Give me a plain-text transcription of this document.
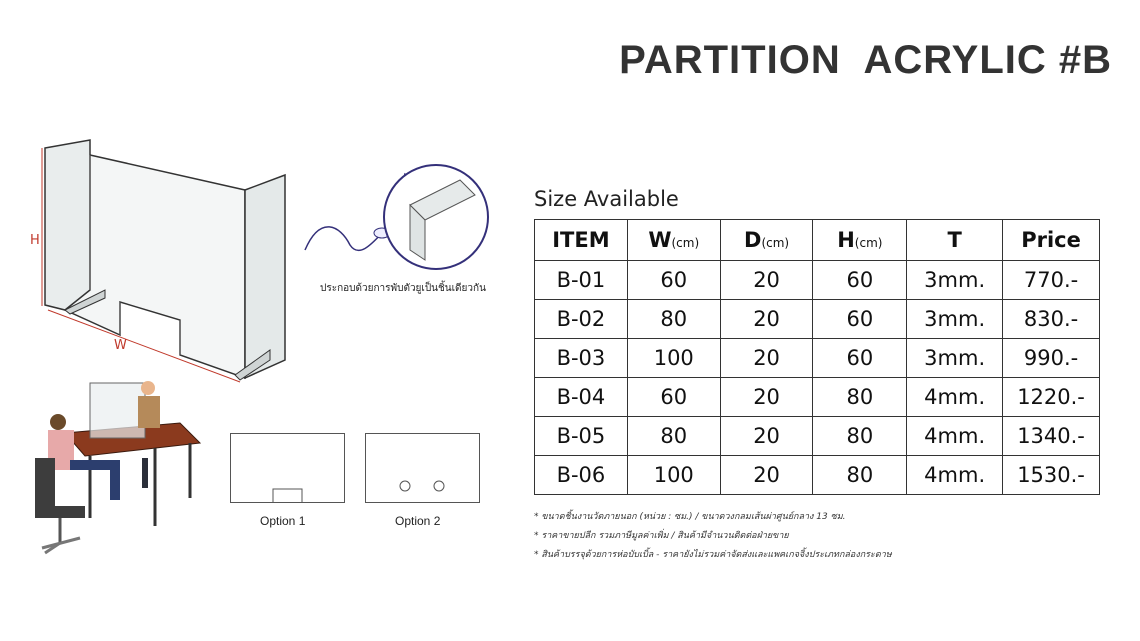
PARTITION  ACRYLIC #B
H
W
ประกอบด้วยการพับตัวยูเป็นชิ้นเดียวกัน
Option 1	Option 2
Size Available
ITEM	W(cm)	D(cm)	H(cm)	T	Price
B-01	60	20	60	3mm.	770.-
B-02	80	20	60	3mm.	830.-
B-03	100	20	60	3mm.	990.-
B-04	60	20	80	4mm.	1220.-
B-05	80	20	80	4mm.	1340.-
B-06	100	20	80	4mm.	1530.-
* ขนาดชิ้นงานวัดภายนอก (หน่วย : ซม.) / ขนาดวงกลมเส้นผ่าศูนย์กลาง 13 ซม.
* ราคาขายปลีก รวมภาษีมูลค่าเพิ่ม / สินค้ามีจำนวนติดต่อฝ่ายขาย
* สินค้าบรรจุด้วยการห่อบับเบิ้ล - ราคายังไม่รวมค่าจัดส่งและแพคเกจจิ้งประเภทกล่องกระดาษ
